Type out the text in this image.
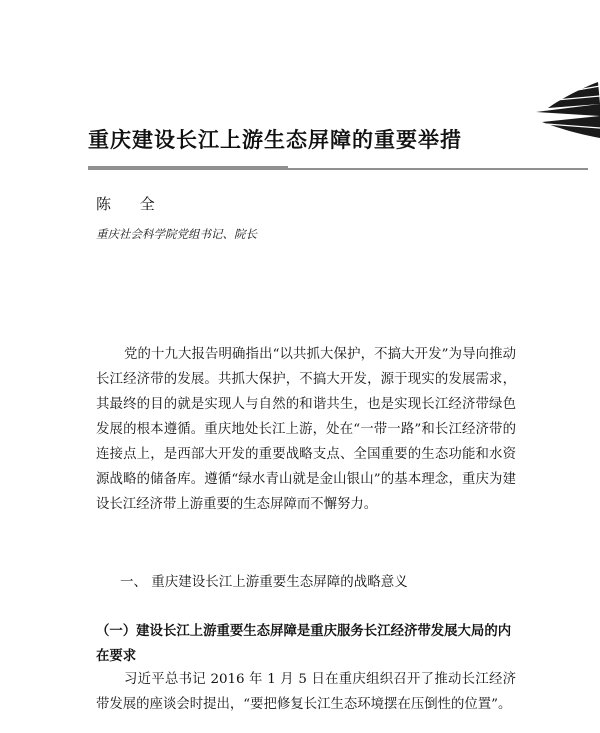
重庆建设长江上游生态屏障的重要举措
陈 全
重庆社会科学院党组书记、院长

党的十九大报告明确指出“以共抓大保护，不搞大开发”为导向推动长江经济带的发展。共抓大保护，不搞大开发，源于现实的发展需求，其最终的目的就是实现人与自然的和谐共生，也是实现长江经济带绿色发展的根本遵循。重庆地处长江上游，处在“一带一路”和长江经济带的连接点上，是西部大开发的重要战略支点、全国重要的生态功能和水资源战略的储备库。遵循“绿水青山就是金山银山”的基本理念，重庆为建设长江经济带上游重要的生态屏障而不懈努力。

一、 重庆建设长江上游重要生态屏障的战略意义
（一）建设长江上游重要生态屏障是重庆服务长江经济带发展大局的内在要求

习近平总书记 2016 年 1 月 5 日在重庆组织召开了推动长江经济带发展的座谈会时提出，“要把修复长江生态环境摆在压倒性的位置”。
